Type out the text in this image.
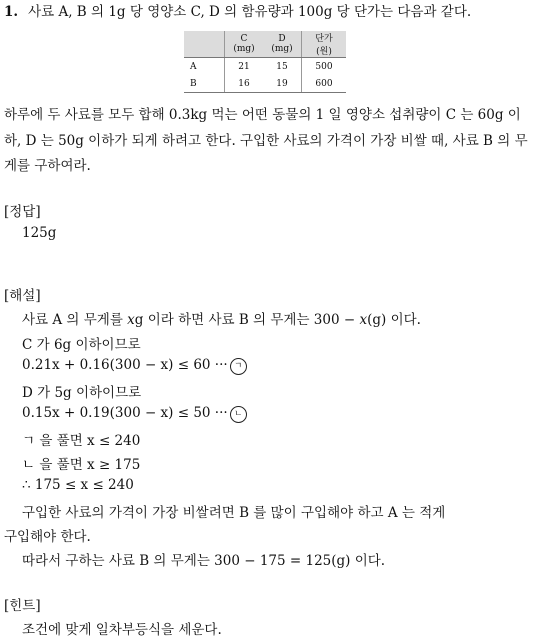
1. 사료 A, B 의 1g 당 영양소 C, D 의 함유량과 100g 당 단가는 다음과 같다.
	C (mg)	D (mg)	단가 (원)
A	21	15	500
B	16	19	600
하루에 두 사료를 모두 합해 0.3kg 먹는 어떤 동물의 1 일 영양소 섭취량이 C 는 60g 이하, D 는 50g 이하가 되게 하려고 한다. 구입한 사료의 가격이 가장 비쌀 때, 사료 B 의 무게를 구하여라.
[정답]
125g
[해설]
사료 A 의 무게를 xg 이라 하면 사료 B 의 무게는 300 − x(g) 이다.
C 가 6g 이하이므로
0.21x + 0.16(300 − x) ≤ 60 ··· ㄱ
D 가 5g 이하이므로
0.15x + 0.19(300 − x) ≤ 50 ··· ㄴ
ㄱ 을 풀면 x ≤ 240
ㄴ 을 풀면 x ≥ 175
∴ 175 ≤ x ≤ 240
구입한 사료의 가격이 가장 비쌀려면 B 를 많이 구입해야 하고 A 는 적게
구입해야 한다.
따라서 구하는 사료 B 의 무게는 300 − 175 = 125(g) 이다.
[힌트]
조건에 맞게 일차부등식을 세운다.
